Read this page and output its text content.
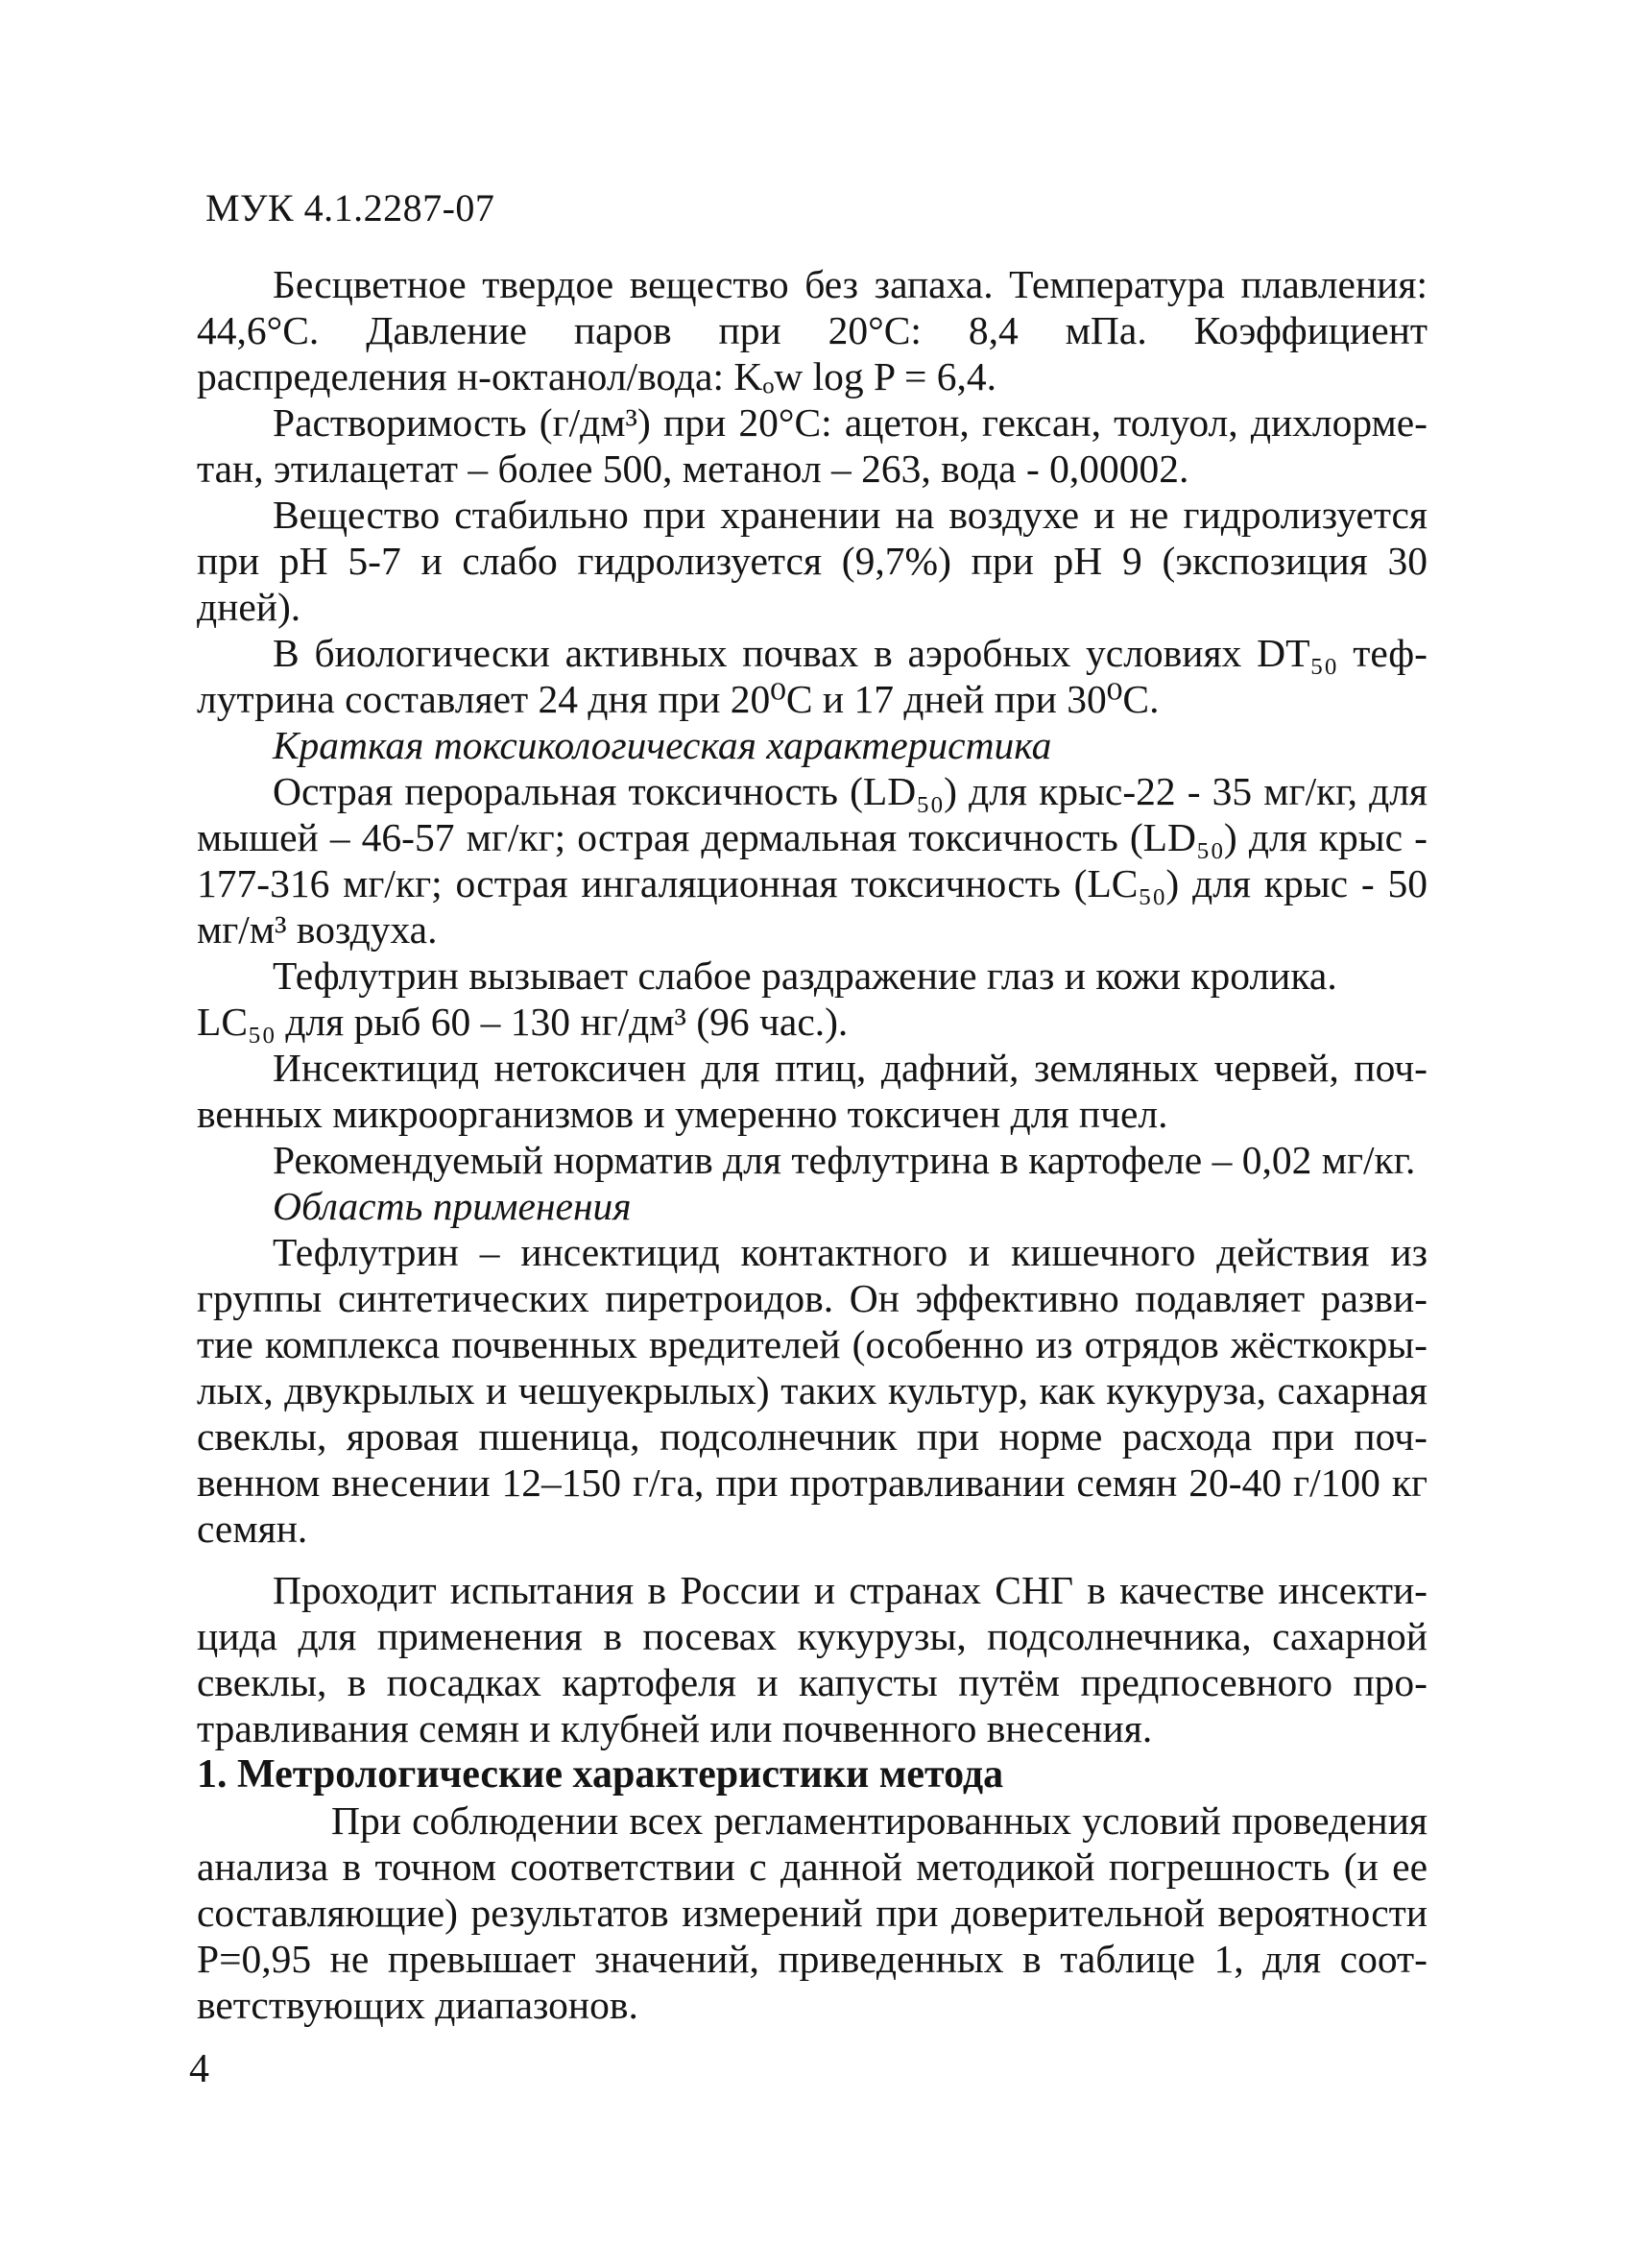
МУК 4.1.2287-07

Бесцветное твердое вещество без запаха. Температура плавления: 44,6°C. Давление паров при 20°C: 8,4 мПа. Коэффициент распределения н-октанол/вода: Kₒw log P = 6,4.

Растворимость (г/дм³) при 20°C: ацетон, гексан, толуол, дихлорметан, этилацетат – более 500, метанол – 263, вода - 0,00002.

Вещество стабильно при хранении на воздухе и не гидролизуется при pH 5-7 и слабо гидролизуется (9,7%) при pH 9 (экспозиция 30 дней).

В биологически активных почвах в аэробных условиях DT₅₀ тефлутрина составляет 24 дня при 20⁰С и 17 дней при 30⁰С.

Краткая токсикологическая характеристика

Острая пероральная токсичность (LD₅₀) для крыс-22 - 35 мг/кг, для мышей – 46-57 мг/кг; острая дермальная токсичность (LD₅₀) для крыс - 177-316 мг/кг; острая ингаляционная токсичность (LC₅₀) для крыс - 50 мг/м³ воздуха.

Тефлутрин вызывает слабое раздражение глаз и кожи кролика.

LC₅₀ для рыб 60 – 130 нг/дм³ (96 час.).

Инсектицид нетоксичен для птиц, дафний, земляных червей, почвенных микроорганизмов и умеренно токсичен для пчел.

Рекомендуемый норматив для тефлутрина в картофеле – 0,02 мг/кг.

Область применения

Тефлутрин – инсектицид контактного и кишечного действия из группы синтетических пиретроидов. Он эффективно подавляет развитие комплекса почвенных вредителей (особенно из отрядов жёсткокрылых, двукрылых и чешуекрылых) таких культур, как кукуруза, сахарная свеклы, яровая пшеница, подсолнечник при норме расхода при почвенном внесении 12–150 г/га, при протравливании семян 20-40 г/100 кг семян.

Проходит испытания в России и странах СНГ в качестве инсектицида для применения в посевах кукурузы, подсолнечника, сахарной свеклы, в посадках картофеля и капусты путём предпосевного протравливания семян и клубней или почвенного внесения.

1. Метрологические характеристики метода

При соблюдении всех регламентированных условий проведения анализа в точном соответствии с данной методикой погрешность (и ее составляющие) результатов измерений при доверительной вероятности P=0,95 не превышает значений, приведенных в таблице 1, для соответствующих диапазонов.

4
